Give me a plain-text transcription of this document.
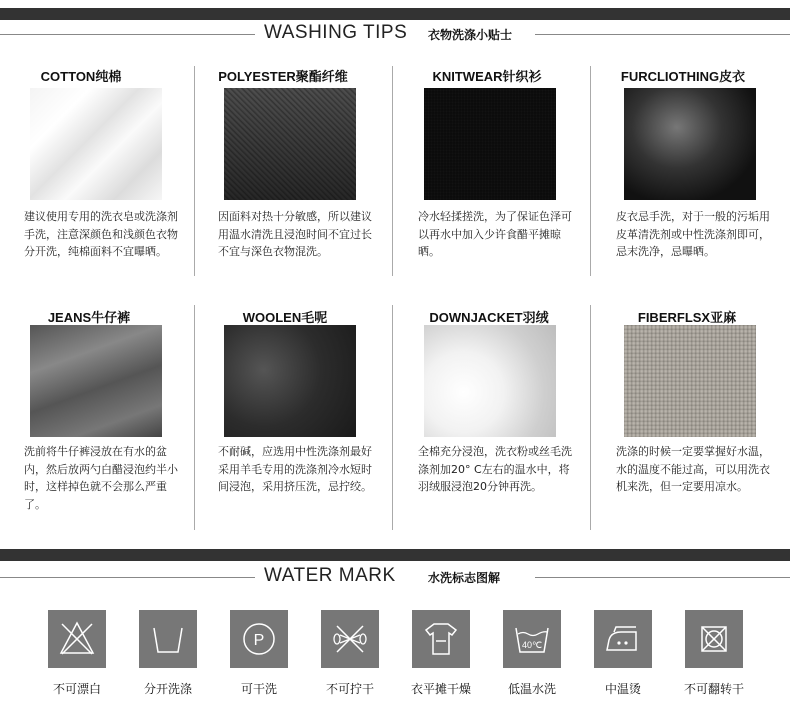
WASHING TIPS 衣物洗涤小贴士
COTTON纯棉
建议使用专用的洗衣皂或洗涤剂手洗，注意深颜色和浅颜色衣物分开洗，纯棉面料不宜曝晒。
POLYESTER聚酯纤维
因面料对热十分敏感，所以建议用温水清洗且浸泡时间不宜过长不宜与深色衣物混洗。
KNITWEAR针织衫
冷水轻揉搓洗，为了保证色泽可以再水中加入少许食醋平摊晾晒。
FURCLIOTHING皮衣
皮衣忌手洗，对于一般的污垢用皮革清洗剂或中性洗涤剂即可，忌末洗净，忌曝晒。
JEANS牛仔裤
洗前将牛仔裤浸放在有水的盆内，然后放两勺白醋浸泡约半小时，这样掉色就不会那么严重了。
WOOLEN毛呢
不耐碱，应选用中性洗涤剂最好采用羊毛专用的洗涤剂冷水短时间浸泡，采用挤压洗，忌拧绞。
DOWNJACKET羽绒
全棉充分浸泡，洗衣粉或丝毛洗涤剂加20° C左右的温水中，将羽绒服浸泡20分钟再洗。
FIBERFLSX亚麻
洗涤的时候一定要掌握好水温，水的温度不能过高，可以用洗衣机来洗，但一定要用凉水。
WATER MARK	水洗标志图解
P	40℃
不可漂白	分开洗涤	可干洗	不可拧干	衣平摊干燥	低温水洗	中温烫	不可翻转干
